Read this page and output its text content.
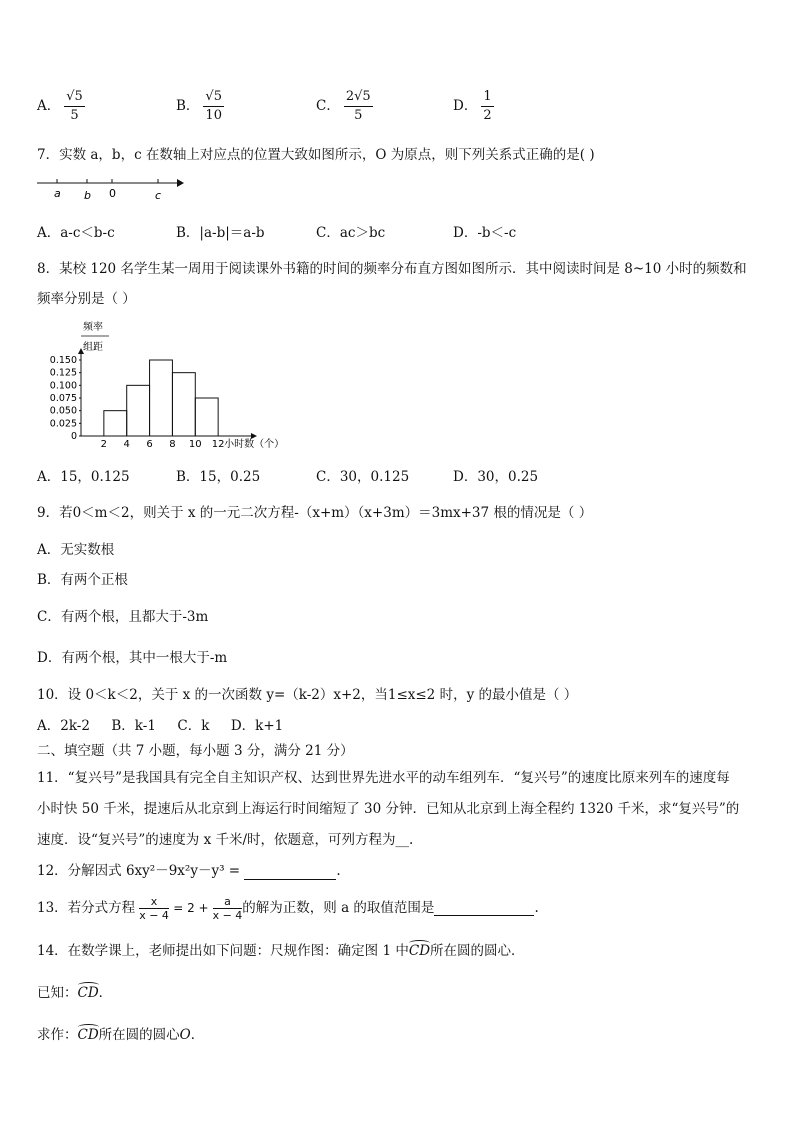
A． $\frac{√5}{5}$	B． $\frac{√5}{10}$	C． $\frac{2√5}{5}$	D． $\frac{1}{2}$
7．实数 a，b，c 在数轴上对应点的位置大致如图所示，O 为原点，则下列关系式正确的是( )
a b 0	c
A．a-c＜b-c	B．|a-b|＝a-b	C．ac＞bc	D．-b＜-c
8．某校 120 名学生某一周用于阅读课外书籍的时间的频率分布直方图如图所示．其中阅读时间是 8~10 小时的频数和
频率分别是（ ）
频率
组距
0
0.025
0.050
0.075
0.100
0.125
0.150
2 4 6 8 10 12 小时数（个）
A．15，0.125	B．15，0.25	C．30，0.125	D．30，0.25
9．若0＜m＜2，则关于 x 的一元二次方程-（x+m）（x+3m）＝3mx+37 根的情况是（ ）
A．无实数根
B．有两个正根
C．有两个根，且都大于-3m
D．有两个根，其中一根大于-m
10．设 0＜k＜2，关于 x 的一次函数 y=（k-2）x+2，当1≤x≤2 时，y 的最小值是（ ）
A．2k-2     B．k-1     C．k     D．k+1
二、填空题（共 7 小题，每小题 3 分，满分 21 分）
11．“复兴号”是我国具有完全自主知识产权、达到世界先进水平的动车组列车．“复兴号”的速度比原来列车的速度每
小时快 50 千米，提速后从北京到上海运行时间缩短了 30 分钟．已知从北京到上海全程约 1320 千米，求“复兴号”的
速度．设“复兴号”的速度为 x 千米/时，依题意，可列方程为__.
12．分解因式 6xy²－9x²y－y³ =	.
13．若分式方程 $\frac{x}{x - 4} = 2 + \frac{a}{x - 4}$ 的解为正数，则 a 的取值范围是	.
14．在数学课上，老师提出如下问题：尺规作图：确定图 1 中CD所在圆的圆心．
已知：CD．
求作：CD所在圆的圆心O．
